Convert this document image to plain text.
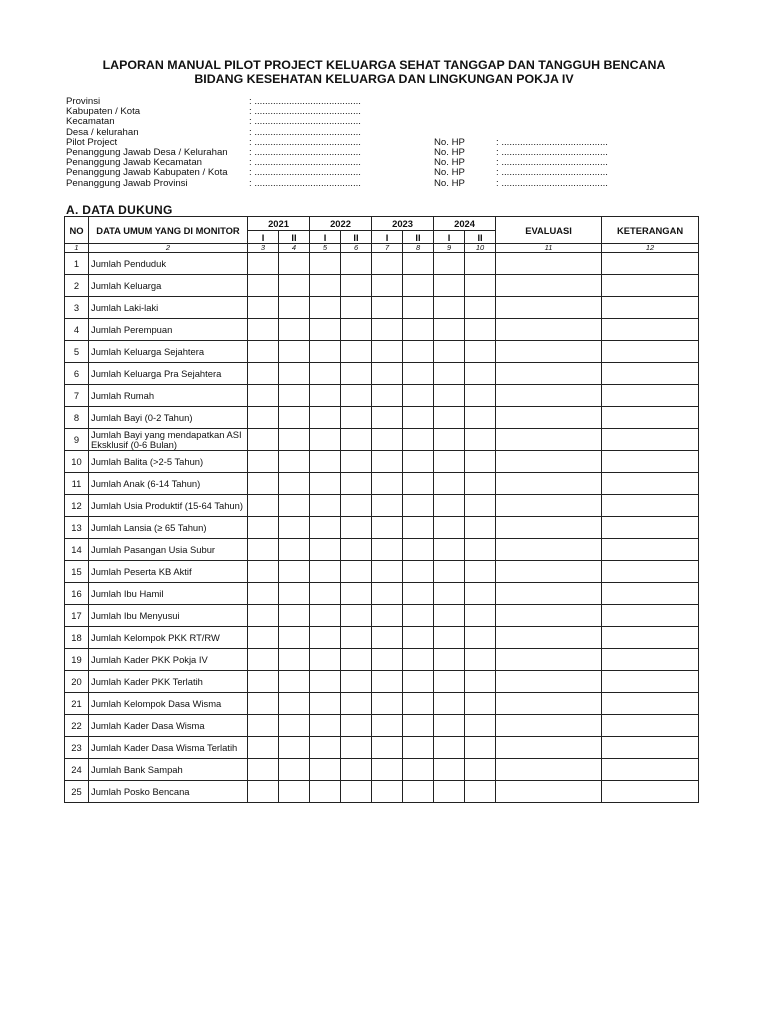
LAPORAN MANUAL PILOT PROJECT KELUARGA SEHAT TANGGAP DAN TANGGUH BENCANA
BIDANG KESEHATAN KELUARGA DAN LINGKUNGAN POKJA IV
Provinsi	: ........................................
Kabupaten / Kota	: ........................................
Kecamatan	: ........................................
Desa / kelurahan	: ........................................
Pilot Project	: ........................................	No. HP	: ........................................
Penanggung Jawab Desa / Kelurahan : ........................................	No. HP	: ........................................
Penanggung Jawab Kecamatan	: ........................................	No. HP	: ........................................
Penanggung Jawab Kabupaten / Kota : ........................................	No. HP	: ........................................
Penanggung Jawab Provinsi	: ........................................	No. HP	: ........................................
A. DATA DUKUNG
NO	DATA UMUM YANG DI MONITOR	2021		2022		2023		2024		EVALUASI	KETERANGAN
		I	II	I	II	I	II	I	II		
1	2	3	4	5	6	7	8	9	10	11	12
1	Jumlah Penduduk										
2	Jumlah Keluarga										
3	Jumlah Laki-laki										
4	Jumlah Perempuan										
5	Jumlah Keluarga Sejahtera										
6	Jumlah Keluarga Pra Sejahtera										
7	Jumlah Rumah										
8	Jumlah Bayi (0-2 Tahun)										
9	Jumlah Bayi yang mendapatkan ASI Eksklusif (0-6 Bulan)										
10	Jumlah Balita (>2-5 Tahun)										
11	Jumlah Anak (6-14 Tahun)										
12	Jumlah Usia Produktif (15-64 Tahun)										
13	Jumlah Lansia (≥ 65 Tahun)										
14	Jumlah Pasangan Usia Subur										
15	Jumlah Peserta KB Aktif										
16	Jumlah Ibu Hamil										
17	Jumlah Ibu Menyusui										
18	Jumlah Kelompok PKK RT/RW										
19	Jumlah Kader PKK Pokja IV										
20	Jumlah Kader PKK Terlatih										
21	Jumlah Kelompok Dasa Wisma										
22	Jumlah Kader Dasa Wisma										
23	Jumlah Kader Dasa Wisma Terlatih										
24	Jumlah Bank Sampah										
25	Jumlah Posko Bencana										
